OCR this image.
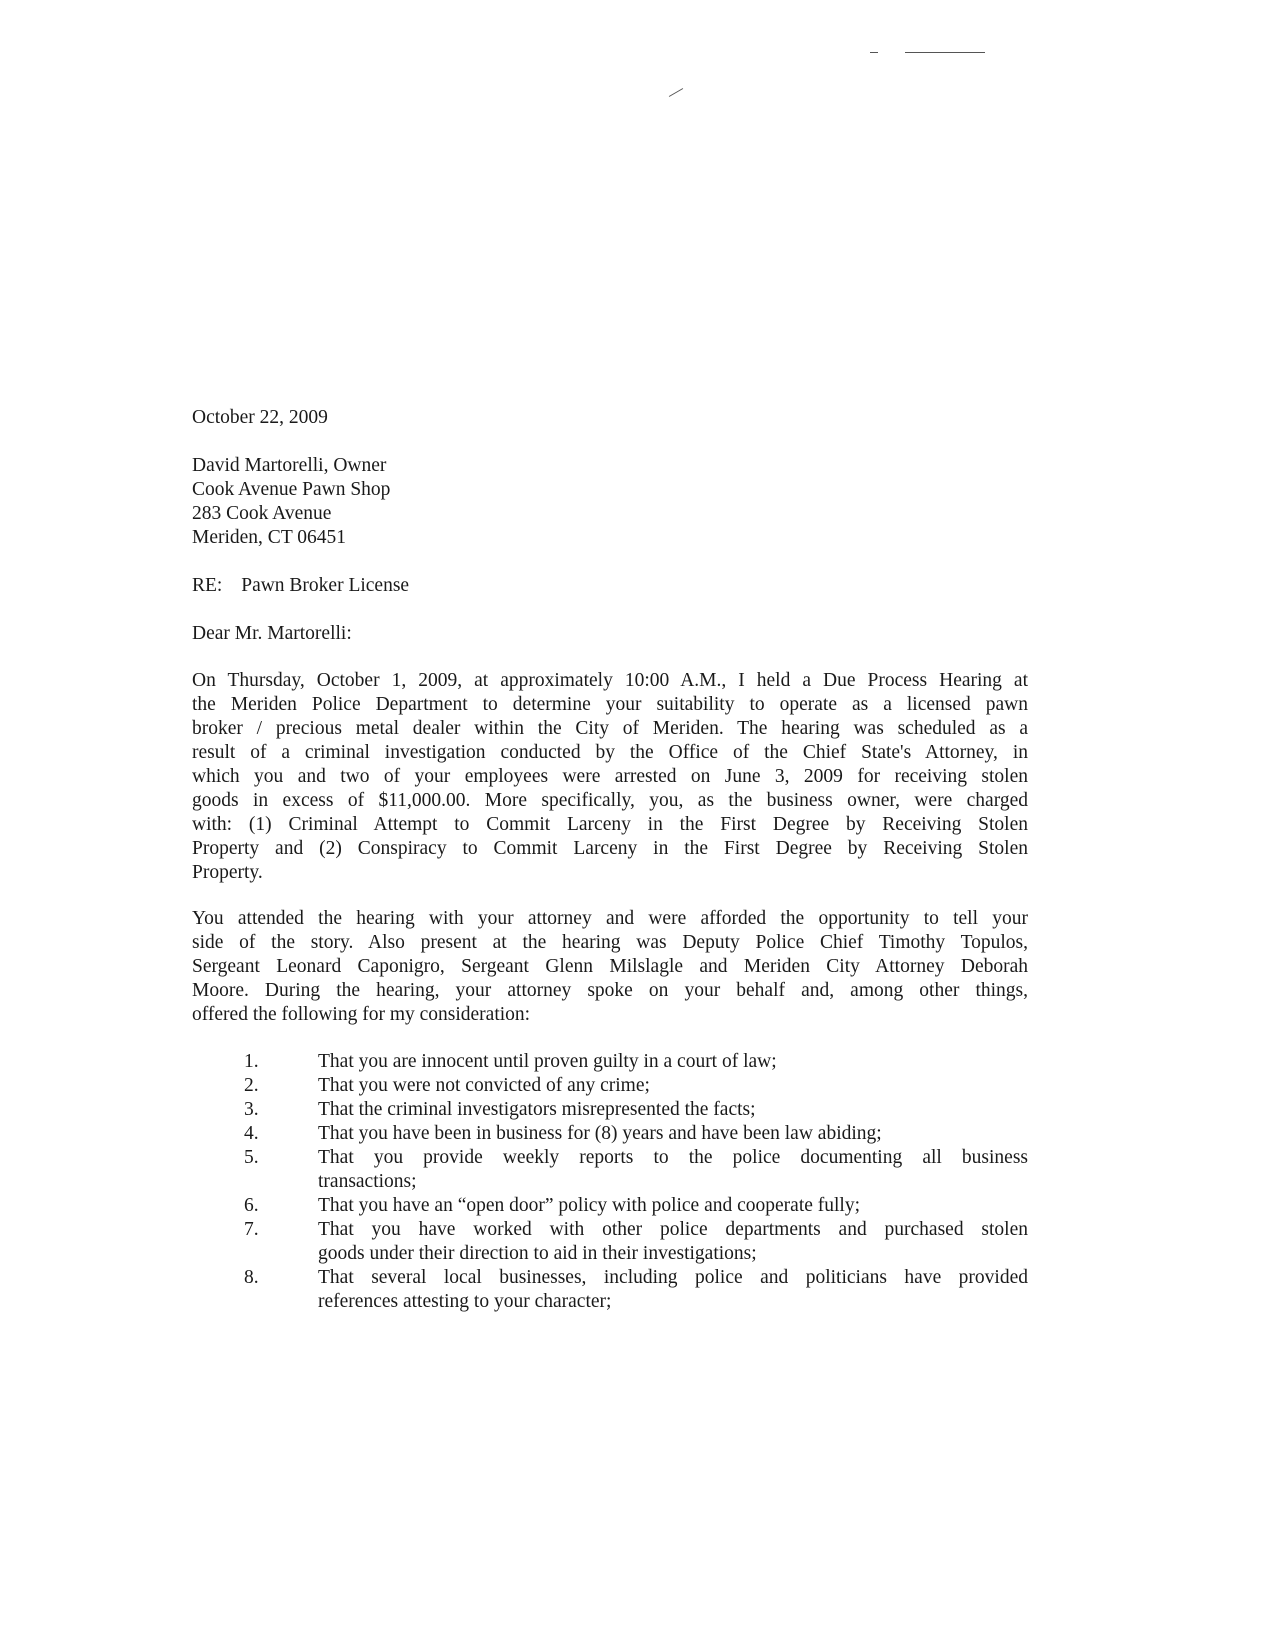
October 22, 2009
David Martorelli, Owner
Cook Avenue Pawn Shop
283 Cook Avenue
Meriden, CT 06451
RE: Pawn Broker License
Dear Mr. Martorelli:
On Thursday, October 1, 2009, at approximately 10:00 A.M., I held a Due Process Hearing at
the Meriden Police Department to determine your suitability to operate as a licensed pawn
broker / precious metal dealer within the City of Meriden. The hearing was scheduled as a
result of a criminal investigation conducted by the Office of the Chief State's Attorney, in
which you and two of your employees were arrested on June 3, 2009 for receiving stolen
goods in excess of $11,000.00. More specifically, you, as the business owner, were charged
with: (1) Criminal Attempt to Commit Larceny in the First Degree by Receiving Stolen
Property and (2) Conspiracy to Commit Larceny in the First Degree by Receiving Stolen
Property.
You attended the hearing with your attorney and were afforded the opportunity to tell your
side of the story. Also present at the hearing was Deputy Police Chief Timothy Topulos,
Sergeant Leonard Caponigro, Sergeant Glenn Milslagle and Meriden City Attorney Deborah
Moore. During the hearing, your attorney spoke on your behalf and, among other things,
offered the following for my consideration:
1.	That you are innocent until proven guilty in a court of law;
2.	That you were not convicted of any crime;
3.	That the criminal investigators misrepresented the facts;
4.	That you have been in business for (8) years and have been law abiding;
5.	That you provide weekly reports to the police documenting all business
transactions;
6.	That you have an “open door” policy with police and cooperate fully;
7.	That you have worked with other police departments and purchased stolen
goods under their direction to aid in their investigations;
8.	That several local businesses, including police and politicians have provided
references attesting to your character;
